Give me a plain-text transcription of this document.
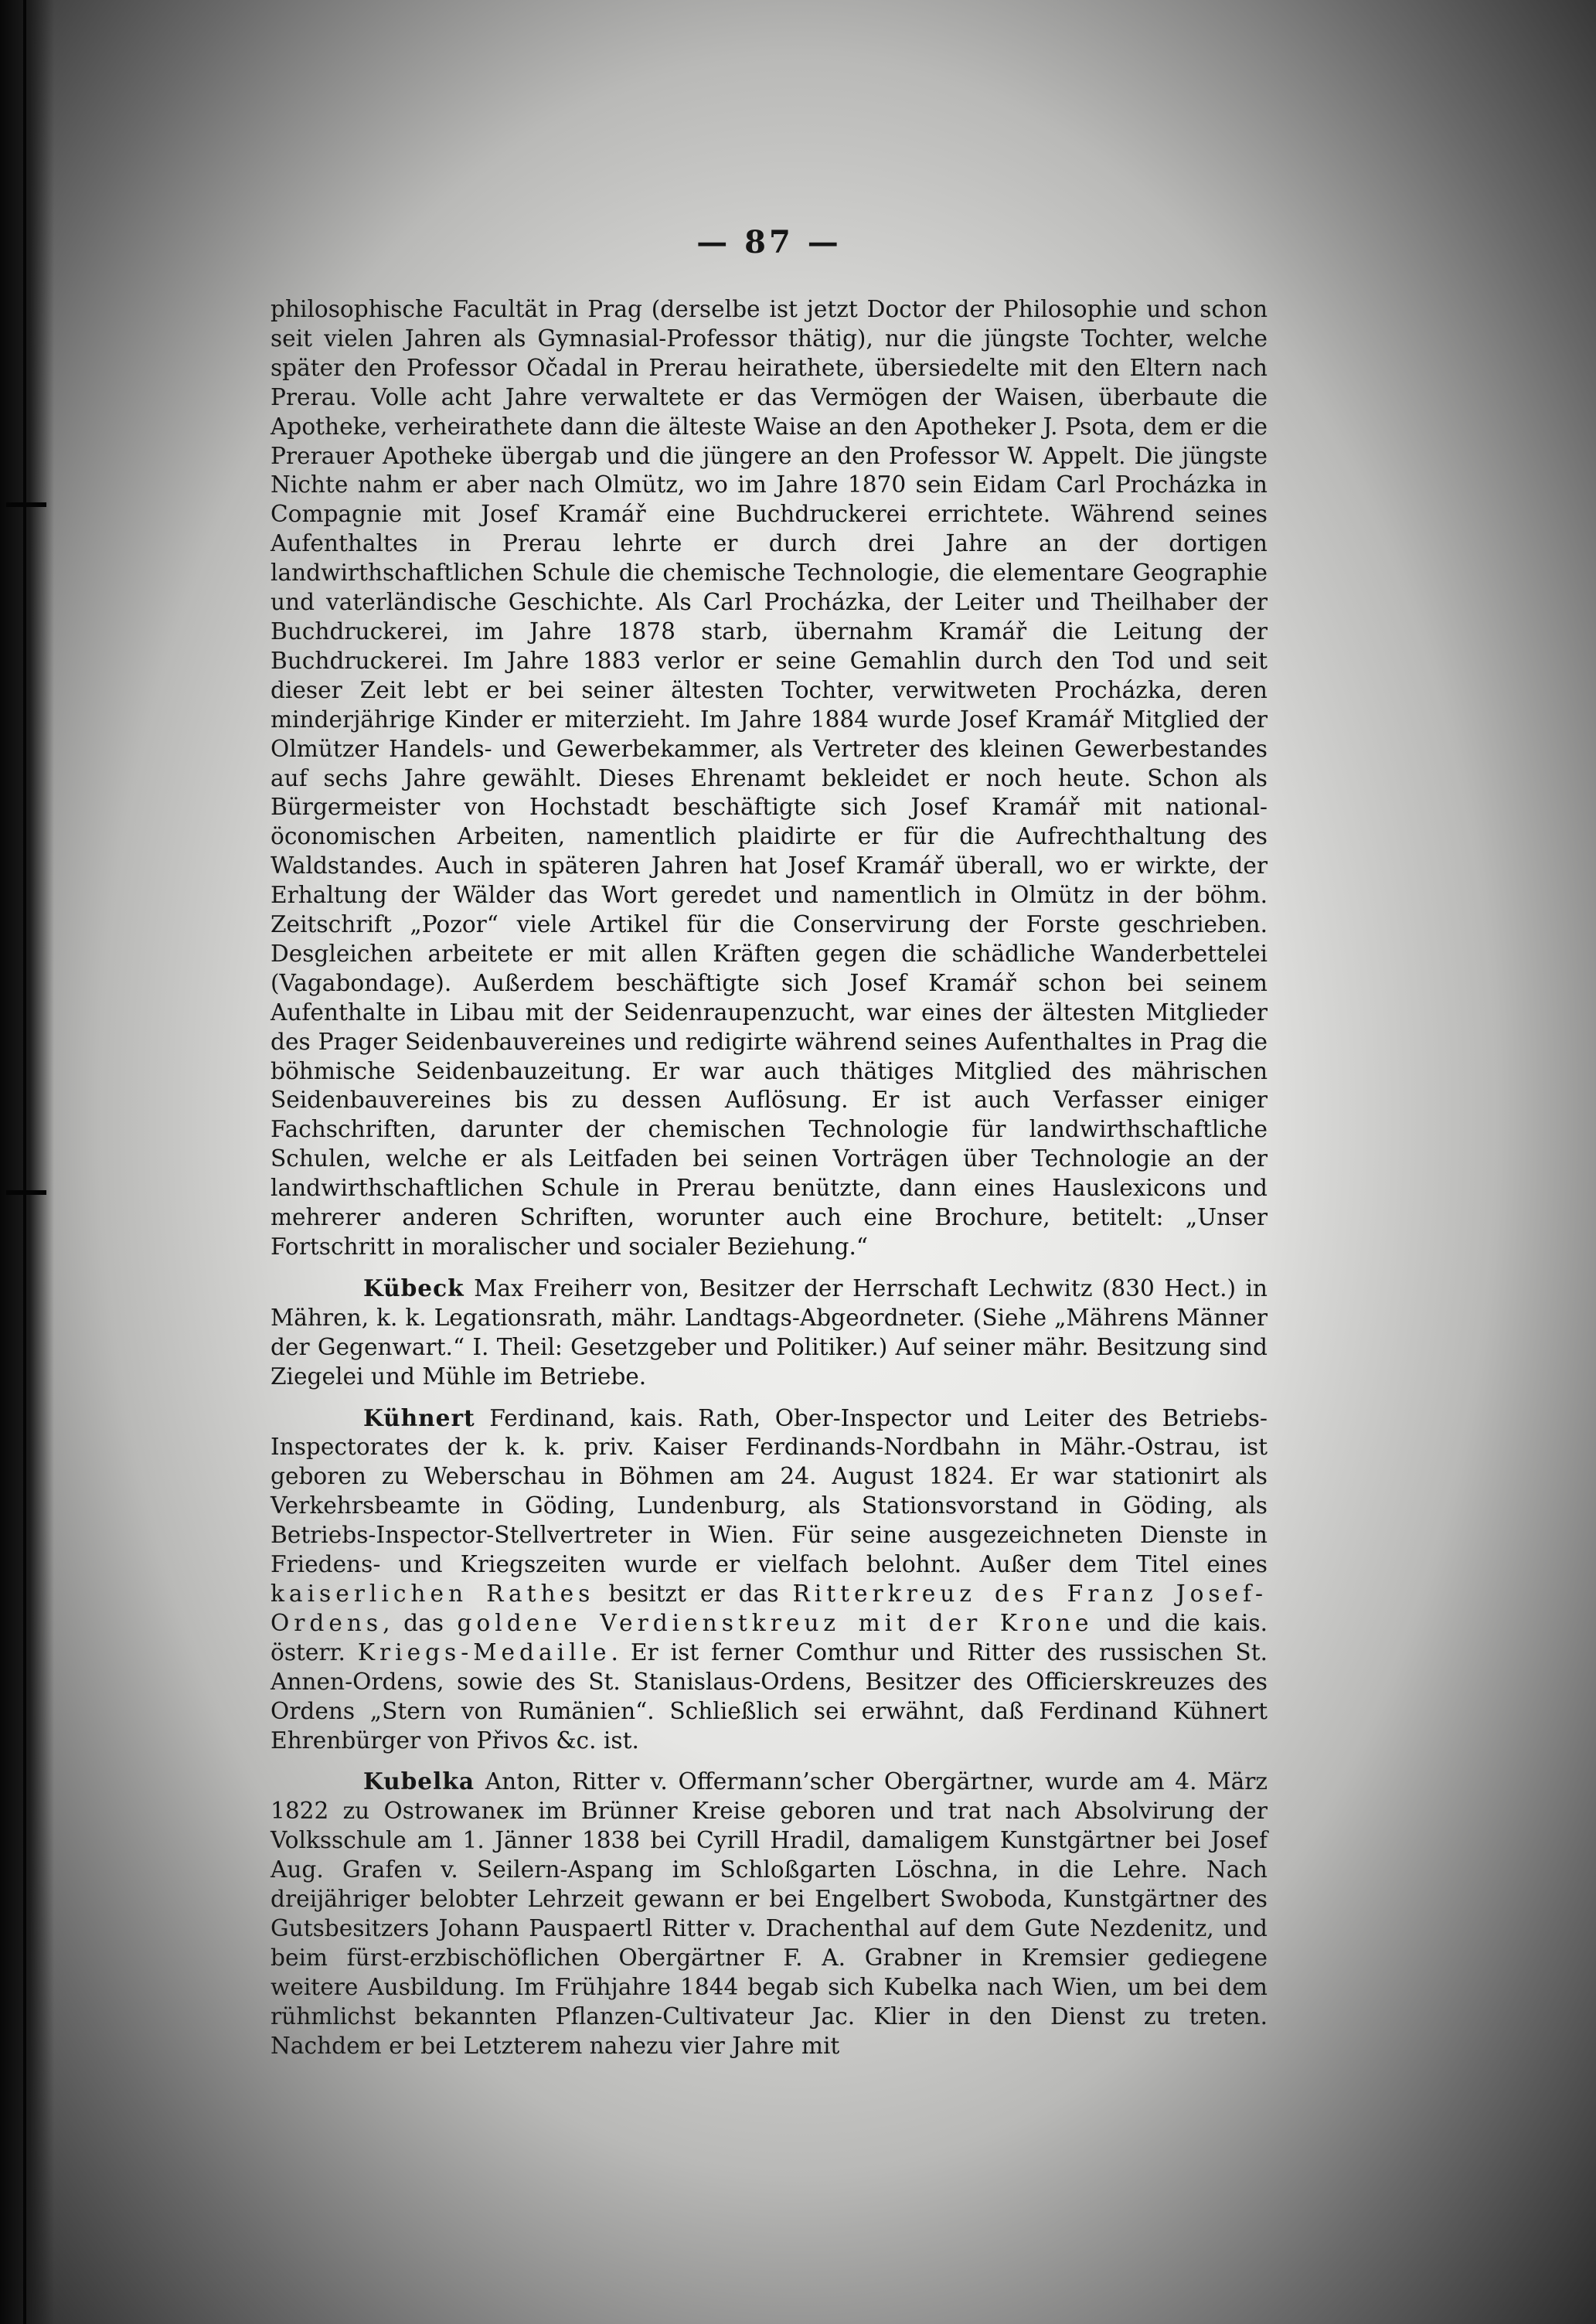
— 87 —

philosophische Facultät in Prag (derselbe ist jetzt Doctor der Philosophie und schon seit vielen Jahren als Gymnasial-Professor thätig), nur die jüngste Tochter, welche später den Professor Očadal in Prerau heirathete, übersiedelte mit den Eltern nach Prerau. Volle acht Jahre verwaltete er das Vermögen der Waisen, überbaute die Apotheke, verheirathete dann die älteste Waise an den Apotheker J. Psota, dem er die Prerauer Apotheke übergab und die jüngere an den Professor W. Appelt. Die jüngste Nichte nahm er aber nach Olmütz, wo im Jahre 1870 sein Eidam Carl Procházka in Compagnie mit Josef Kramář eine Buchdruckerei errichtete. Während seines Aufenthaltes in Prerau lehrte er durch drei Jahre an der dortigen landwirthschaftlichen Schule die chemische Technologie, die elementare Geographie und vaterländische Geschichte. Als Carl Procházka, der Leiter und Theilhaber der Buchdruckerei, im Jahre 1878 starb, übernahm Kramář die Leitung der Buchdruckerei. Im Jahre 1883 verlor er seine Gemahlin durch den Tod und seit dieser Zeit lebt er bei seiner ältesten Tochter, verwitweten Procházka, deren minderjährige Kinder er miterzieht. Im Jahre 1884 wurde Josef Kramář Mitglied der Olmützer Handels- und Gewerbekammer, als Vertreter des kleinen Gewerbestandes auf sechs Jahre gewählt. Dieses Ehrenamt bekleidet er noch heute. Schon als Bürgermeister von Hochstadt beschäftigte sich Josef Kramář mit national-öconomischen Arbeiten, namentlich plaidirte er für die Aufrechthaltung des Waldstandes. Auch in späteren Jahren hat Josef Kramář überall, wo er wirkte, der Erhaltung der Wälder das Wort geredet und namentlich in Olmütz in der böhm. Zeitschrift „Pozor“ viele Artikel für die Conservirung der Forste geschrieben. Desgleichen arbeitete er mit allen Kräften gegen die schädliche Wanderbettelei (Vagabondage). Außerdem beschäftigte sich Josef Kramář schon bei seinem Aufenthalte in Libau mit der Seidenraupenzucht, war eines der ältesten Mitglieder des Prager Seidenbauvereines und redigirte während seines Aufenthaltes in Prag die böhmische Seidenbauzeitung. Er war auch thätiges Mitglied des mährischen Seidenbauvereines bis zu dessen Auflösung. Er ist auch Verfasser einiger Fachschriften, darunter der chemischen Technologie für landwirthschaftliche Schulen, welche er als Leitfaden bei seinen Vorträgen über Technologie an der landwirthschaftlichen Schule in Prerau benützte, dann eines Hauslexicons und mehrerer anderen Schriften, worunter auch eine Brochure, betitelt: „Unser Fortschritt in moralischer und socialer Beziehung.“

Kübeck Max Freiherr von, Besitzer der Herrschaft Lechwitz (830 Hect.) in Mähren, k. k. Legationsrath, mähr. Landtags-Abgeordneter. (Siehe „Mährens Männer der Gegenwart.“ I. Theil: Gesetzgeber und Politiker.) Auf seiner mähr. Besitzung sind Ziegelei und Mühle im Betriebe.

Kühnert Ferdinand, kais. Rath, Ober-Inspector und Leiter des Betriebs-Inspectorates der k. k. priv. Kaiser Ferdinands-Nordbahn in Mähr.-Ostrau, ist geboren zu Weberschau in Böhmen am 24. August 1824. Er war stationirt als Verkehrsbeamte in Göding, Lundenburg, als Stationsvorstand in Göding, als Betriebs-Inspector-Stellvertreter in Wien. Für seine ausgezeichneten Dienste in Friedens- und Kriegszeiten wurde er vielfach belohnt. Außer dem Titel eines kaiserlichen Rathes besitzt er das Ritterkreuz des Franz Josef-Ordens, das goldene Verdienstkreuz mit der Krone und die kais. österr. Kriegs-Medaille. Er ist ferner Comthur und Ritter des russischen St. Annen-Ordens, sowie des St. Stanislaus-Ordens, Besitzer des Officierskreuzes des Ordens „Stern von Rumänien“. Schließlich sei erwähnt, daß Ferdinand Kühnert Ehrenbürger von Přivos &c. ist.

Kubelka Anton, Ritter v. Offermann’scher Obergärtner, wurde am 4. März 1822 zu Ostrowaneк im Brünner Kreise geboren und trat nach Absolvirung der Volksschule am 1. Jänner 1838 bei Cyrill Hradil, damaligem Kunstgärtner bei Josef Aug. Grafen v. Seilern-Aspang im Schloßgarten Löschna, in die Lehre. Nach dreijähriger belobter Lehrzeit gewann er bei Engelbert Swoboda, Kunstgärtner des Gutsbesitzers Johann Pauspaertl Ritter v. Drachenthal auf dem Gute Nezdenitz, und beim fürst-erzbischöflichen Obergärtner F. A. Grabner in Kremsier gediegene weitere Ausbildung. Im Frühjahre 1844 begab sich Kubelka nach Wien, um bei dem rühmlichst bekannten Pflanzen-Cultivateur Jac. Klier in den Dienst zu treten. Nachdem er bei Letzterem nahezu vier Jahre mit
